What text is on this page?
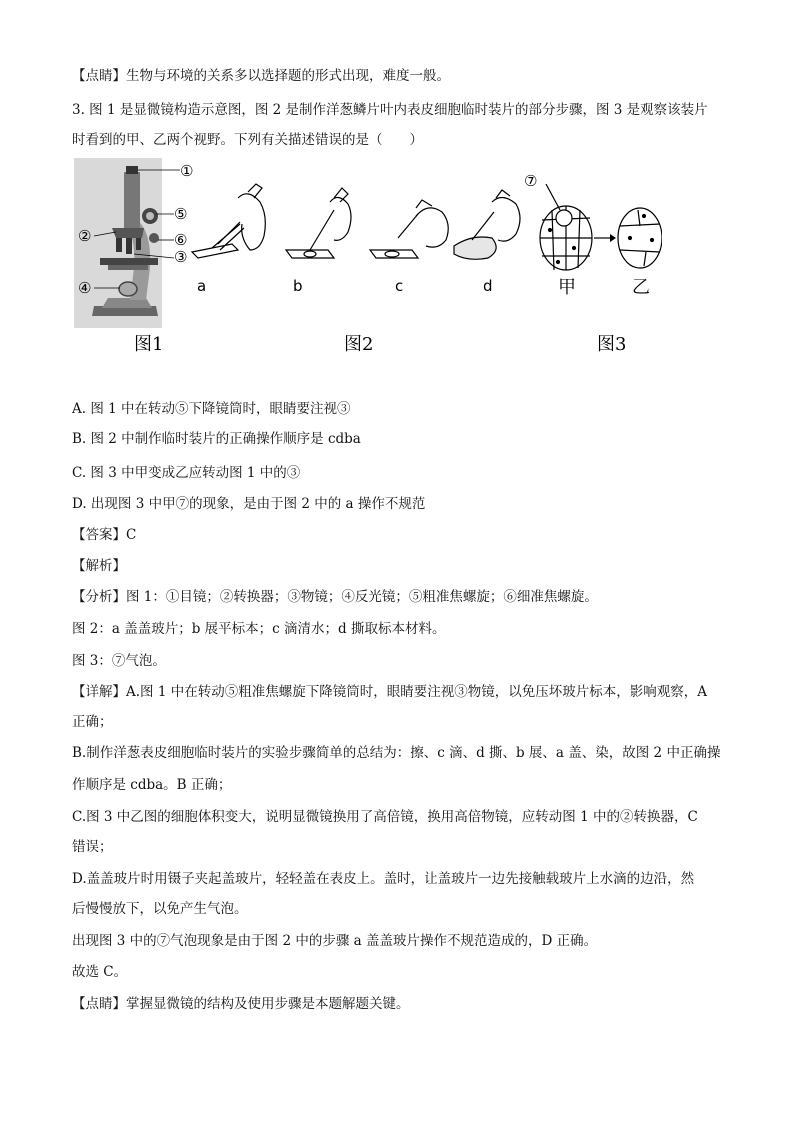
【点睛】生物与环境的关系多以选择题的形式出现，难度一般。
3. 图 1 是显微镜构造示意图，图 2 是制作洋葱鳞片叶内表皮细胞临时装片的部分步骤，图 3 是观察该装片
时看到的甲、乙两个视野。下列有关描述错误的是（　　）
①
⑤
②	⑥
③
④
图1
a	b	c	d
图2
⑦
甲	乙
图3
A. 图 1 中在转动⑤下降镜筒时，眼睛要注视③
B. 图 2 中制作临时装片的正确操作顺序是 cdba
C. 图 3 中甲变成乙应转动图 1 中的③
D. 出现图 3 中甲⑦的现象，是由于图 2 中的 a 操作不规范
【答案】C
【解析】
【分析】图 1：①目镜；②转换器；③物镜；④反光镜；⑤粗准焦螺旋；⑥细准焦螺旋。
图 2：a 盖盖玻片；b 展平标本；c 滴清水；d 撕取标本材料。
图 3：⑦气泡。
【详解】A.图 1 中在转动⑤粗准焦螺旋下降镜筒时，眼睛要注视③物镜，以免压坏玻片标本，影响观察，A
正确；
B.制作洋葱表皮细胞临时装片的实验步骤简单的总结为：擦、c 滴、d 撕、b 展、a 盖、染，故图 2 中正确操
作顺序是 cdba。B 正确；
C.图 3 中乙图的细胞体积变大，说明显微镜换用了高倍镜，换用高倍物镜，应转动图 1 中的②转换器，C
错误；
D.盖盖玻片时用镊子夹起盖玻片，轻轻盖在表皮上。盖时，让盖玻片一边先接触载玻片上水滴的边沿，然
后慢慢放下，以免产生气泡。
出现图 3 中的⑦气泡现象是由于图 2 中的步骤 a 盖盖玻片操作不规范造成的，D 正确。
故选 C。
【点睛】掌握显微镜的结构及使用步骤是本题解题关键。
